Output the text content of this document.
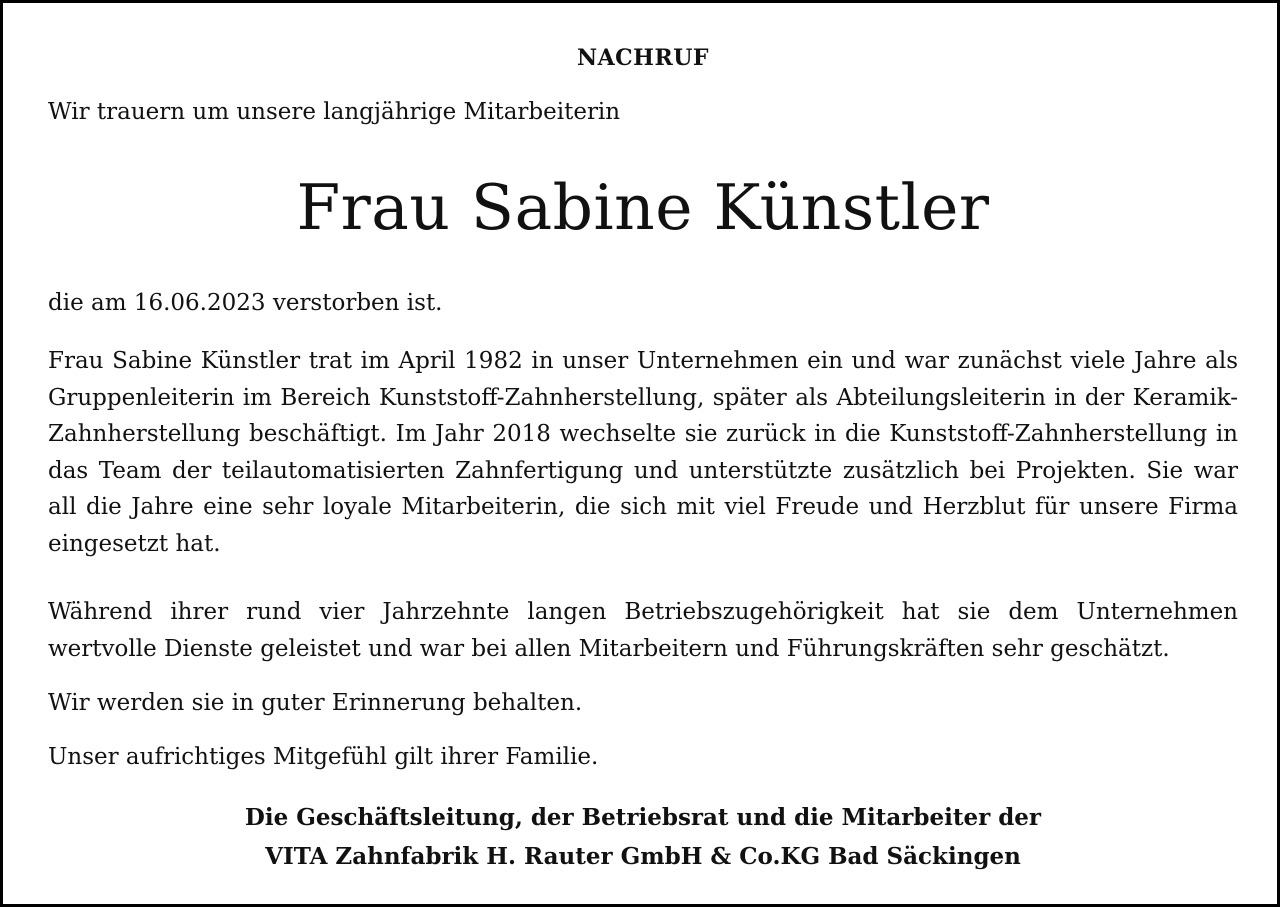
NACHRUF

Wir trauern um unsere langjährige Mitarbeiterin

Frau Sabine Künstler

die am 16.06.2023 verstorben ist.

Frau Sabine Künstler trat im April 1982 in unser Unternehmen ein und war zunächst viele Jahre als Gruppenleiterin im Bereich Kunststoff-Zahnherstellung, später als Abteilungsleiterin in der Keramik-Zahnherstellung beschäftigt. Im Jahr 2018 wechselte sie zurück in die Kunststoff-Zahnherstellung in das Team der teilautomatisierten Zahnfertigung und unterstützte zusätzlich bei Projekten. Sie war all die Jahre eine sehr loyale Mitarbeiterin, die sich mit viel Freude und Herzblut für unsere Firma eingesetzt hat.

Während ihrer rund vier Jahrzehnte langen Betriebszugehörigkeit hat sie dem Unternehmen wertvolle Dienste geleistet und war bei allen Mitarbeitern und Führungskräften sehr geschätzt.

Wir werden sie in guter Erinnerung behalten.

Unser aufrichtiges Mitgefühl gilt ihrer Familie.

Die Geschäftsleitung, der Betriebsrat und die Mitarbeiter der

VITA Zahnfabrik H. Rauter GmbH & Co.KG Bad Säckingen
